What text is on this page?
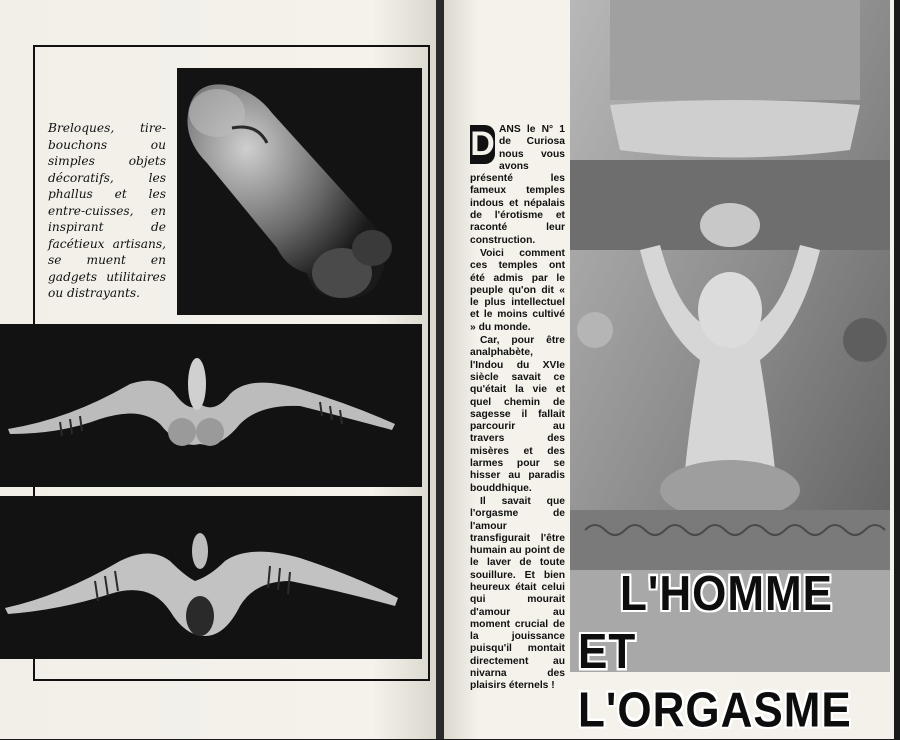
Breloques, tire-bouchons ou simples objets décoratifs, les phallus et les entre-cuisses, en inspirant de facétieux artisans, se muent en gadgets utilitaires ou distrayants.

D ANS le N° 1 de Curiosa nous vous avons présenté les fameux temples indous et népalais de l'érotisme et raconté leur construction.

Voici comment ces temples ont été admis par le peuple qu'on dit « le plus intellectuel et le moins cultivé » du monde.

Car, pour être analphabète, l'Indou du XVIe siècle savait ce qu'était la vie et quel chemin de sagesse il fallait parcourir au travers des misères et des larmes pour se hisser au paradis bouddhique.

Il savait que l'orgasme de l'amour transfigurait l'être humain au point de le laver de toute souillure. Et bien heureux était celui qui mourait d'amour au moment crucial de la jouissance puisqu'il montait directement au nivarna des plaisirs éternels !

L'HOMME
ET L'ORGASME
